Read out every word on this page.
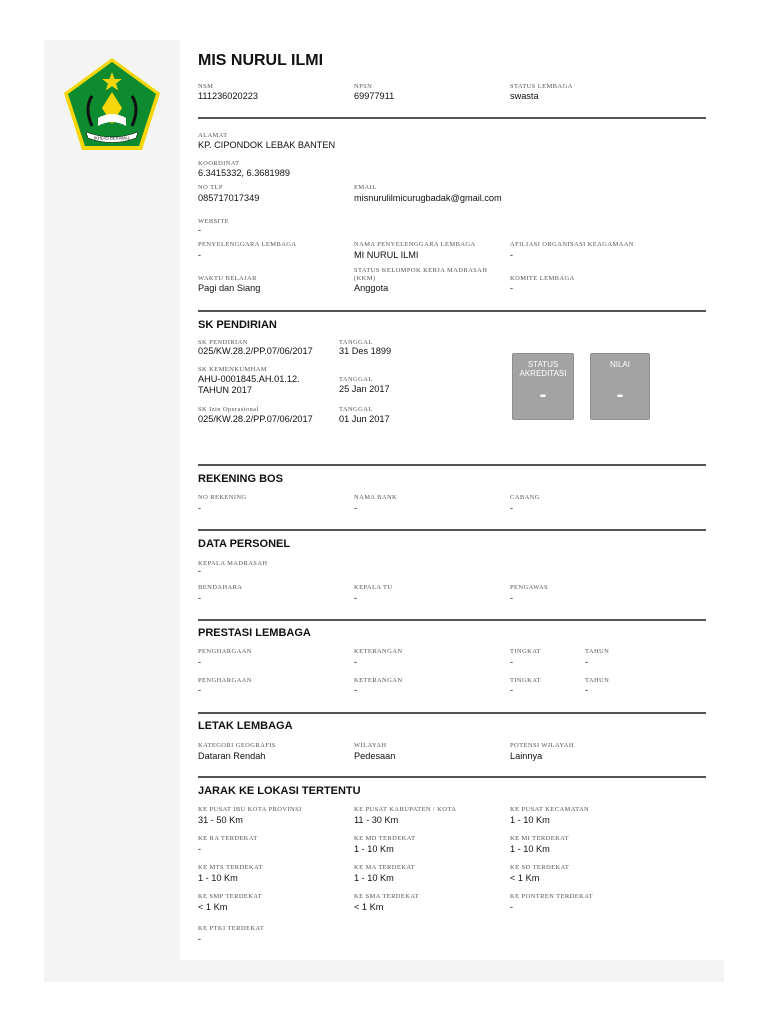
IKHLAS BERAMAL
MIS NURUL ILMI
NSM
111236020223
NPSN
69977911
STATUS LEMBAGA
swasta
ALAMAT
KP. CIPONDOK LEBAK BANTEN
KOORDINAT
6.3415332, 6.3681989
NO TLP
085717017349
EMAIL
misnurulilmicurugbadak@gmail.com
WEBSITE
-
PENYELENGGARA LEMBAGA
-
NAMA PENYELENGGARA LEMBAGA
MI NURUL ILMI
AFILIASI ORGANISASI KEAGAMAAN
-
WAKTU BELAJAR
Pagi dan Siang
STATUS KELOMPOK KERJA MADRASAH (KKM)
Anggota
KOMITE LEMBAGA
-
SK PENDIRIAN
SK PENDIRIAN
025/KW.28.2/PP.07/06/2017
TANGGAL
31 Des 1899
SK KEMENKUMHAM
AHU-0001845.AH.01.12. TAHUN 2017
TANGGAL
25 Jan 2017
SK Izin Operasional
025/KW.28.2/PP.07/06/2017
TANGGAL
01 Jun 2017
STATUS AKREDITASI
-
NILAI
-
REKENING BOS
NO REKENING
-
NAMA BANK
-
CABANG
-
DATA PERSONEL
KEPALA MADRASAH
-
BENDAHARA
-
KEPALA TU
-
PENGAWAS
-
PRESTASI LEMBAGA
PENGHARGAAN
-
KETERANGAN
-
TINGKAT
-
TAHUN
-
PENGHARGAAN
-
KETERANGAN
-
TINGKAT
-
TAHUN
-
LETAK LEMBAGA
KATEGORI GEOGRAFIS
Dataran Rendah
WILAYAH
Pedesaan
POTENSI WILAYAH
Lainnya
JARAK KE LOKASI TERTENTU
KE PUSAT IBU KOTA PROVINSI
31 - 50 Km
KE PUSAT KABUPATEN / KOTA
11 - 30 Km
KE PUSAT KECAMATAN
1 - 10 Km
KE RA TERDEKAT
-
KE MD TERDEKAT
1 - 10 Km
KE MI TERDEKAT
1 - 10 Km
KE MTS TERDEKAT
1 - 10 Km
KE MA TERDEKAT
1 - 10 Km
KE SD TERDEKAT
< 1 Km
KE SMP TERDEKAT
< 1 Km
KE SMA TERDEKAT
< 1 Km
KE PONTREN TERDEKAT
-
KE PTKI TERDEKAT
-
